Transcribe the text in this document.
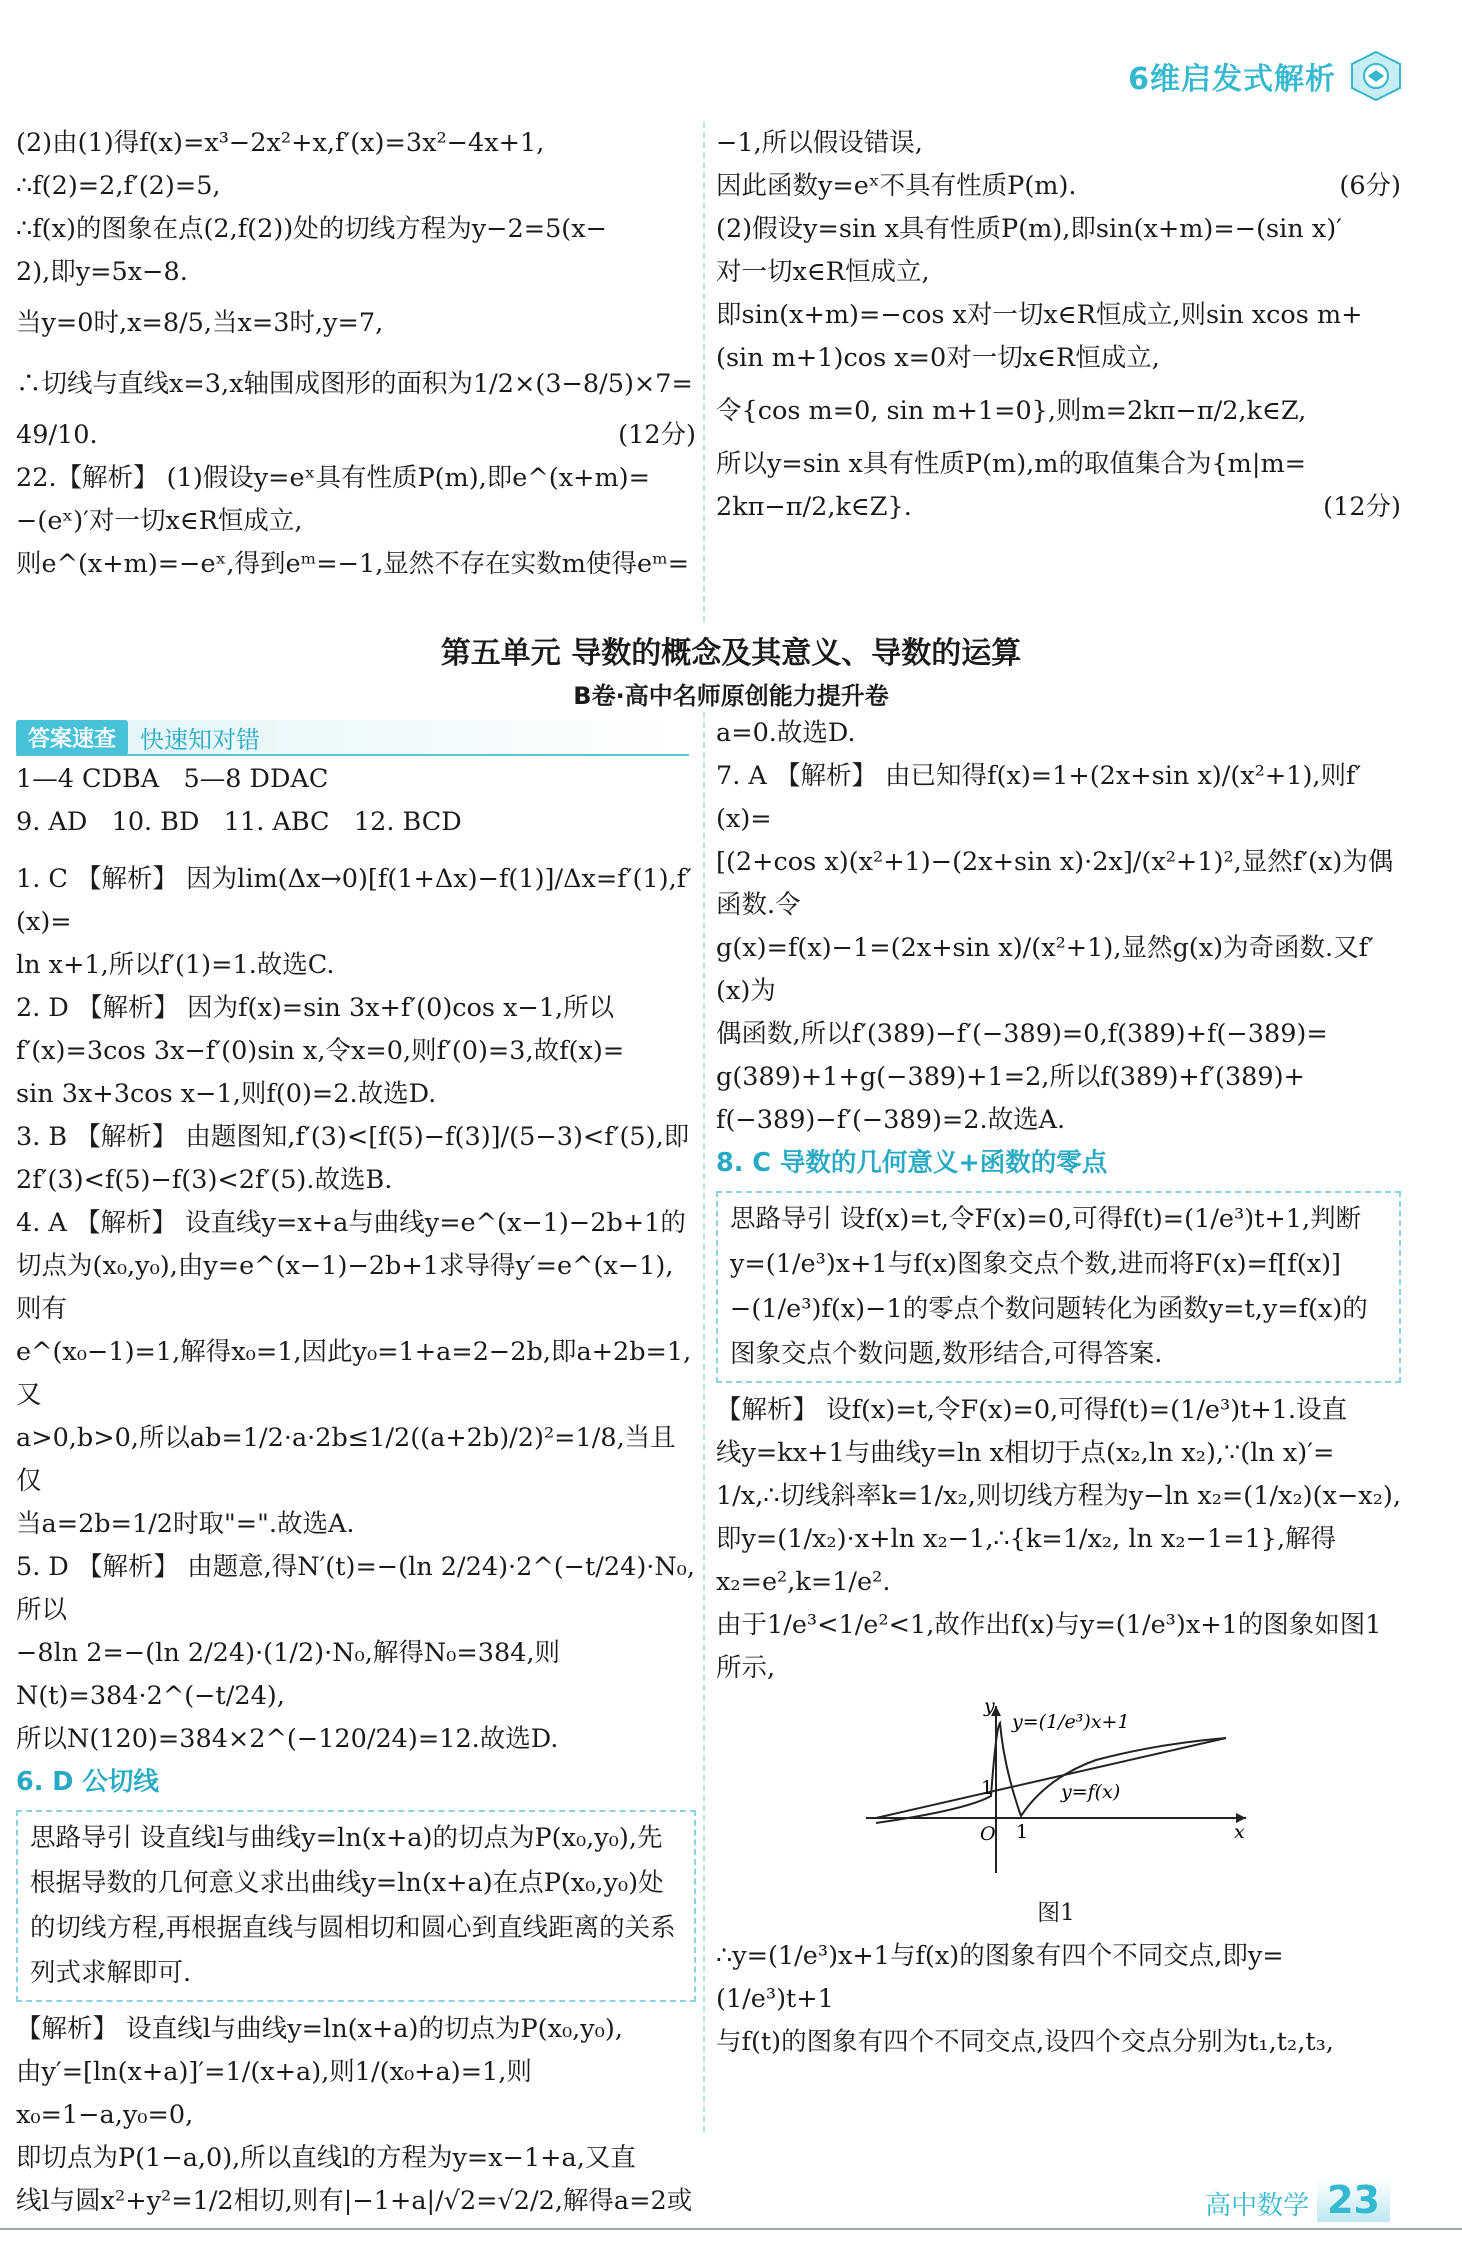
6维启发式解析

(2)由(1)得f(x)=x³−2x²+x,f′(x)=3x²−4x+1,

∴f(2)=2,f′(2)=5,

∴f(x)的图象在点(2,f(2))处的切线方程为y−2=5(x−

2),即y=5x−8.

当y=0时,x=8/5,当x=3时,y=7,

∴切线与直线x=3,x轴围成图形的面积为1/2×(3−8/5)×7=

49/10.	(12分)

22.【解析】 (1)假设y=eˣ具有性质P(m),即e^(x+m)=

−(eˣ)′对一切x∈R恒成立,

则e^(x+m)=−eˣ,得到eᵐ=−1,显然不存在实数m使得eᵐ=

−1,所以假设错误,

因此函数y=eˣ不具有性质P(m).	(6分)

(2)假设y=sin x具有性质P(m),即sin(x+m)=−(sin x)′

对一切x∈R恒成立,

即sin(x+m)=−cos x对一切x∈R恒成立,则sin xcos m+

(sin m+1)cos x=0对一切x∈R恒成立,

令{cos m=0, sin m+1=0},则m=2kπ−π/2,k∈Z,

所以y=sin x具有性质P(m),m的取值集合为{m|m=

2kπ−π/2,k∈Z}.	(12分)

第五单元 导数的概念及其意义、导数的运算
B卷·高中名师原创能力提升卷
答案速查	快速知对错

1—4 CDBA   5—8 DDAC

9. AD   10. BD   11. ABC   12. BCD

1. C 【解析】 因为lim(Δx→0)[f(1+Δx)−f(1)]/Δx=f′(1),f′(x)=

ln x+1,所以f′(1)=1.故选C.

2. D 【解析】 因为f(x)=sin 3x+f′(0)cos x−1,所以

f′(x)=3cos 3x−f′(0)sin x,令x=0,则f′(0)=3,故f(x)=

sin 3x+3cos x−1,则f(0)=2.故选D.

3. B 【解析】 由题图知,f′(3)<[f(5)−f(3)]/(5−3)<f′(5),即

2f′(3)<f(5)−f(3)<2f′(5).故选B.

4. A 【解析】 设直线y=x+a与曲线y=e^(x−1)−2b+1的

切点为(x₀,y₀),由y=e^(x−1)−2b+1求导得y′=e^(x−1),则有

e^(x₀−1)=1,解得x₀=1,因此y₀=1+a=2−2b,即a+2b=1,又

a>0,b>0,所以ab=1/2·a·2b≤1/2((a+2b)/2)²=1/8,当且仅

当a=2b=1/2时取"=".故选A.

5. D 【解析】 由题意,得N′(t)=−(ln 2/24)·2^(−t/24)·N₀,所以

−8ln 2=−(ln 2/24)·(1/2)·N₀,解得N₀=384,则N(t)=384·2^(−t/24),

所以N(120)=384×2^(−120/24)=12.故选D.

6. D 公切线

思路导引 设直线l与曲线y=ln(x+a)的切点为P(x₀,y₀),先根据导数的几何意义求出曲线y=ln(x+a)在点P(x₀,y₀)处的切线方程,再根据直线与圆相切和圆心到直线距离的关系列式求解即可.

【解析】 设直线l与曲线y=ln(x+a)的切点为P(x₀,y₀),

由y′=[ln(x+a)]′=1/(x+a),则1/(x₀+a)=1,则x₀=1−a,y₀=0,

即切点为P(1−a,0),所以直线l的方程为y=x−1+a,又直

线l与圆x²+y²=1/2相切,则有|−1+a|/√2=√2/2,解得a=2或

a=0.故选D.

7. A 【解析】 由已知得f(x)=1+(2x+sin x)/(x²+1),则f′(x)=

[(2+cos x)(x²+1)−(2x+sin x)·2x]/(x²+1)²,显然f′(x)为偶函数.令

g(x)=f(x)−1=(2x+sin x)/(x²+1),显然g(x)为奇函数.又f′(x)为

偶函数,所以f′(389)−f′(−389)=0,f(389)+f(−389)=

g(389)+1+g(−389)+1=2,所以f(389)+f′(389)+

f(−389)−f′(−389)=2.故选A.

8. C 导数的几何意义+函数的零点

思路导引 设f(x)=t,令F(x)=0,可得f(t)=(1/e³)t+1,判断y=(1/e³)x+1与f(x)图象交点个数,进而将F(x)=f[f(x)]−(1/e³)f(x)−1的零点个数问题转化为函数y=t,y=f(x)的图象交点个数问题,数形结合,可得答案.

【解析】 设f(x)=t,令F(x)=0,可得f(t)=(1/e³)t+1.设直

线y=kx+1与曲线y=ln x相切于点(x₂,ln x₂),∵(ln x)′=

1/x,∴切线斜率k=1/x₂,则切线方程为y−ln x₂=(1/x₂)(x−x₂),

即y=(1/x₂)·x+ln x₂−1,∴{k=1/x₂, ln x₂−1=1},解得x₂=e²,k=1/e².

由于1/e³<1/e²<1,故作出f(x)与y=(1/e³)x+1的图象如图1

所示,

y=(1/e³)x+1
y=f(x)
y
x
O 1
1
图1

∴y=(1/e³)x+1与f(x)的图象有四个不同交点,即y=(1/e³)t+1

与f(t)的图象有四个不同交点,设四个交点分别为t₁,t₂,t₃,

高中数学 23
